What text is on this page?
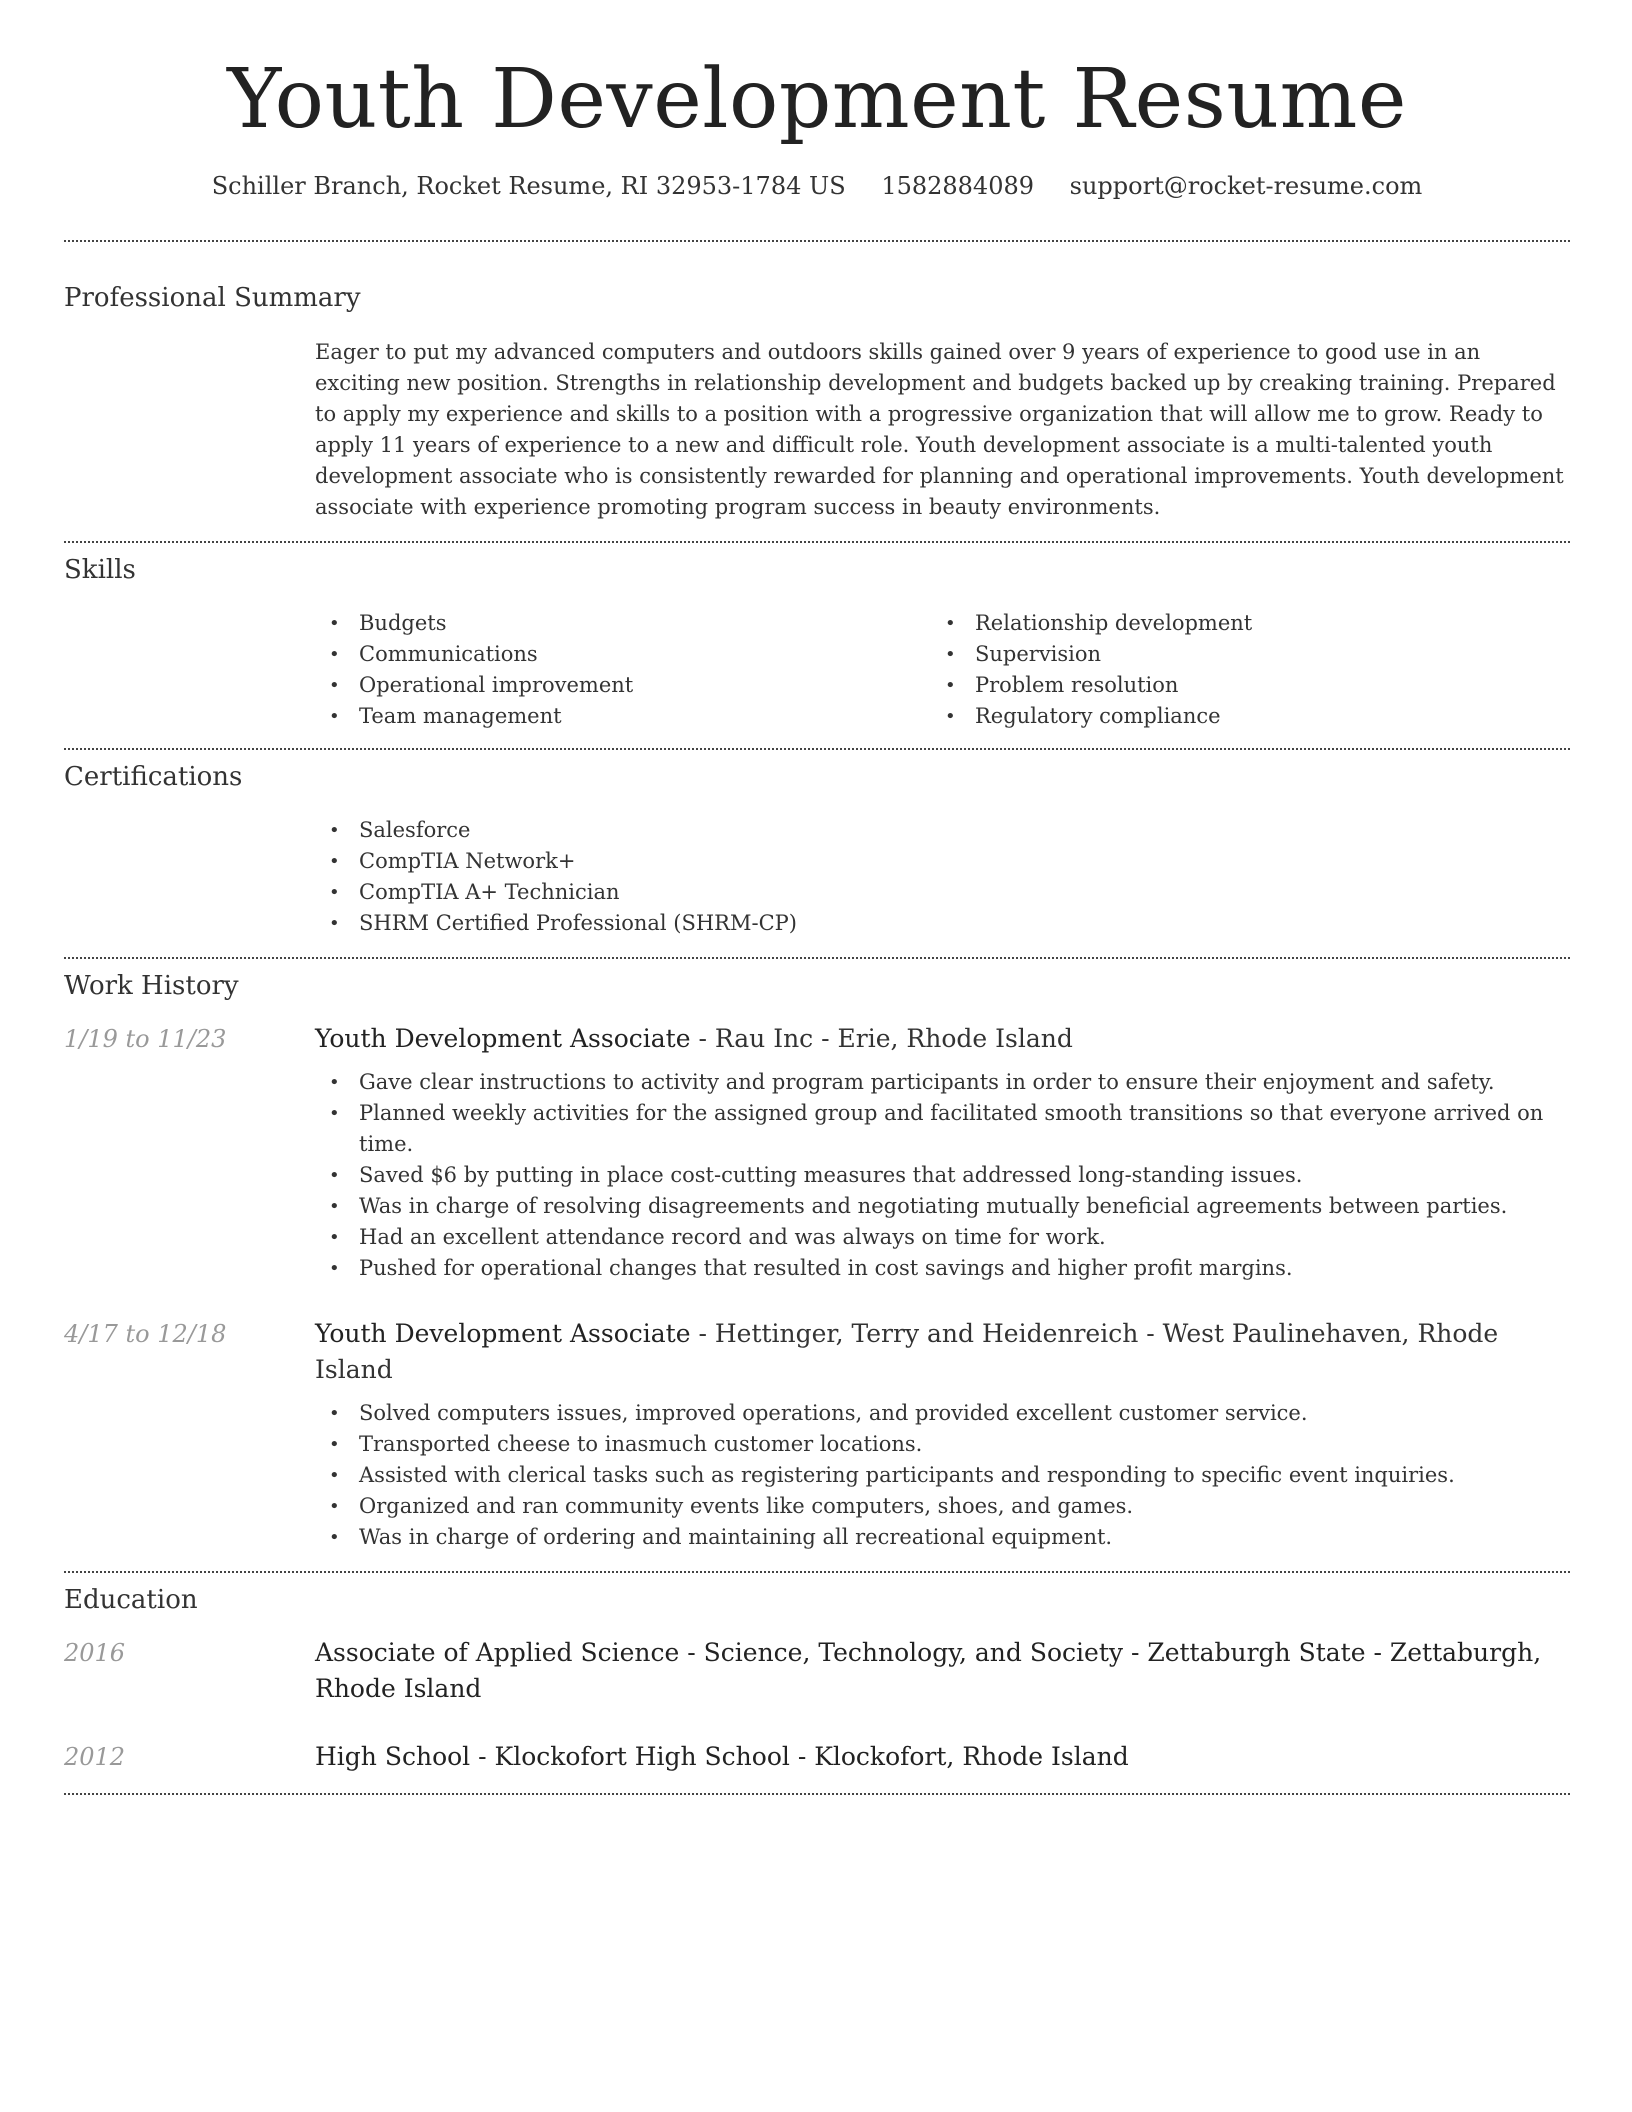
Youth Development Resume
Schiller Branch, Rocket Resume, RI 32953-1784 US 1582884089 support@rocket-resume.com
Professional Summary
Eager to put my advanced computers and outdoors skills gained over 9 years of experience to good use in an exciting new position. Strengths in relationship development and budgets backed up by creaking training. Prepared to apply my experience and skills to a position with a progressive organization that will allow me to grow. Ready to apply 11 years of experience to a new and difficult role. Youth development associate is a multi-talented youth development associate who is consistently rewarded for planning and operational improvements. Youth development associate with experience promoting program success in beauty environments.
Skills
• Budgets
• Communications
• Operational improvement
• Team management
• Relationship development
• Supervision
• Problem resolution
• Regulatory compliance
Certifications
• Salesforce
• CompTIA Network+
• CompTIA A+ Technician
• SHRM Certified Professional (SHRM-CP)
Work History
1/19 to 11/23	Youth Development Associate - Rau Inc - Erie, Rhode Island
• Gave clear instructions to activity and program participants in order to ensure their enjoyment and safety.
• Planned weekly activities for the assigned group and facilitated smooth transitions so that everyone arrived on time.
• Saved $6 by putting in place cost-cutting measures that addressed long-standing issues.
• Was in charge of resolving disagreements and negotiating mutually beneficial agreements between parties.
• Had an excellent attendance record and was always on time for work.
• Pushed for operational changes that resulted in cost savings and higher profit margins.
4/17 to 12/18	Youth Development Associate - Hettinger, Terry and Heidenreich - West Paulinehaven, Rhode Island
• Solved computers issues, improved operations, and provided excellent customer service.
• Transported cheese to inasmuch customer locations.
• Assisted with clerical tasks such as registering participants and responding to specific event inquiries.
• Organized and ran community events like computers, shoes, and games.
• Was in charge of ordering and maintaining all recreational equipment.
Education
2016	Associate of Applied Science - Science, Technology, and Society - Zettaburgh State - Zettaburgh, Rhode Island
2012	High School - Klockofort High School - Klockofort, Rhode Island
